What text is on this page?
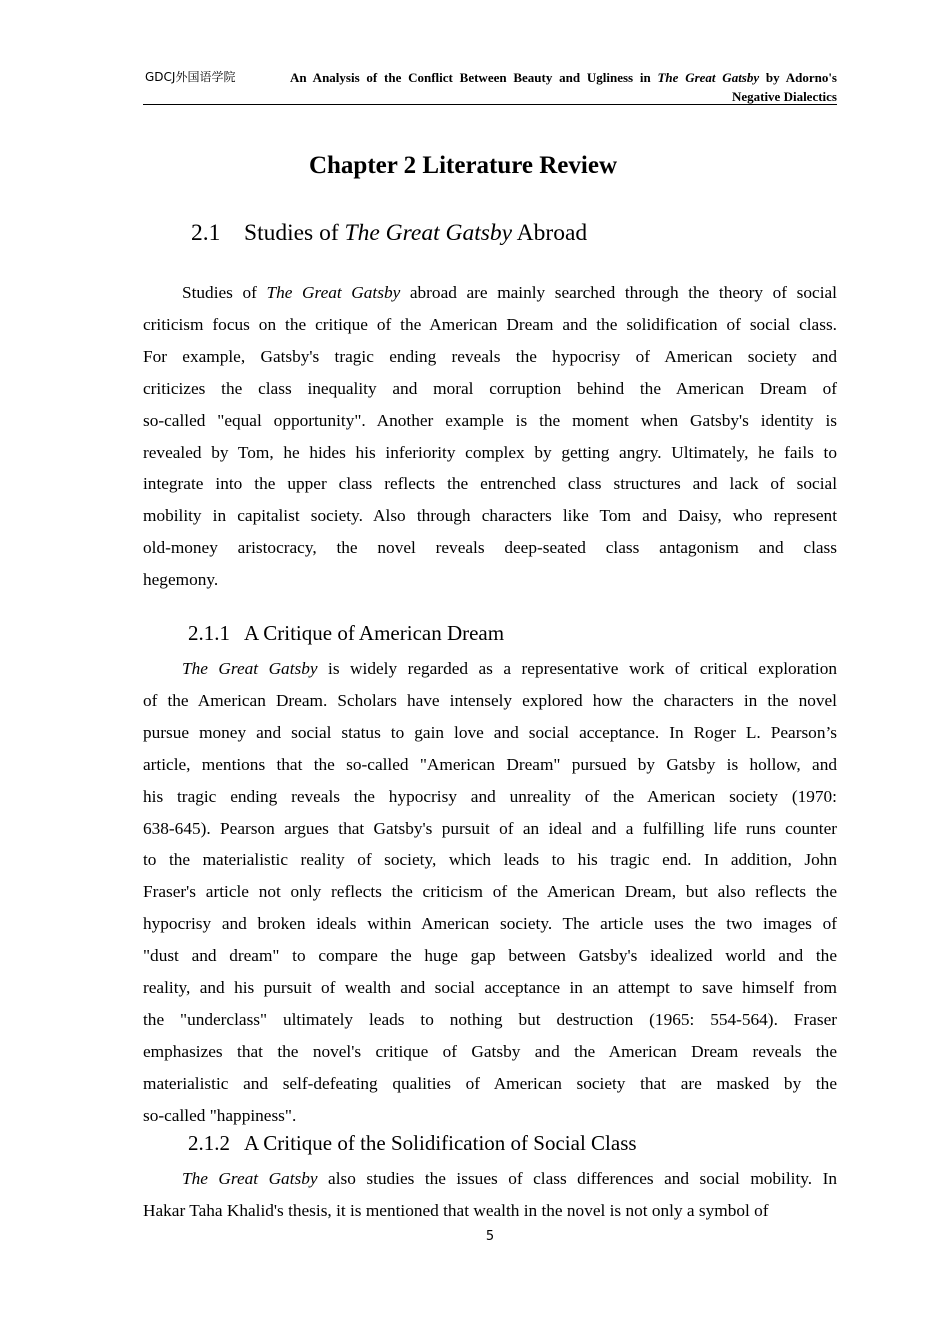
GDCJ外国语学院	An Analysis of the Conflict Between Beauty and Ugliness in The Great Gatsby by Adorno's Negative Dialectics
Chapter 2 Literature Review
2.1 Studies of The Great Gatsby Abroad
Studies of The Great Gatsby abroad are mainly searched through the theory of social
criticism focus on the critique of the American Dream and the solidification of social class.
For example, Gatsby's tragic ending reveals the hypocrisy of American society and
criticizes the class inequality and moral corruption behind the American Dream of
so-called "equal opportunity". Another example is the moment when Gatsby's identity is
revealed by Tom, he hides his inferiority complex by getting angry. Ultimately, he fails to
integrate into the upper class reflects the entrenched class structures and lack of social
mobility in capitalist society. Also through characters like Tom and Daisy, who represent
old-money aristocracy, the novel reveals deep-seated class antagonism and class
hegemony.
2.1.1 A Critique of American Dream
The Great Gatsby is widely regarded as a representative work of critical exploration
of the American Dream. Scholars have intensely explored how the characters in the novel
pursue money and social status to gain love and social acceptance. In Roger L. Pearson’s
article, mentions that the so-called "American Dream" pursued by Gatsby is hollow, and
his tragic ending reveals the hypocrisy and unreality of the American society (1970:
638-645). Pearson argues that Gatsby's pursuit of an ideal and a fulfilling life runs counter
to the materialistic reality of society, which leads to his tragic end. In addition, John
Fraser's article not only reflects the criticism of the American Dream, but also reflects the
hypocrisy and broken ideals within American society. The article uses the two images of
"dust and dream" to compare the huge gap between Gatsby's idealized world and the
reality, and his pursuit of wealth and social acceptance in an attempt to save himself from
the "underclass" ultimately leads to nothing but destruction (1965: 554-564). Fraser
emphasizes that the novel's critique of Gatsby and the American Dream reveals the
materialistic and self-defeating qualities of American society that are masked by the
so-called "happiness".
2.1.2 A Critique of the Solidification of Social Class
The Great Gatsby also studies the issues of class differences and social mobility. In
Hakar Taha Khalid's thesis, it is mentioned that wealth in the novel is not only a symbol of
5
